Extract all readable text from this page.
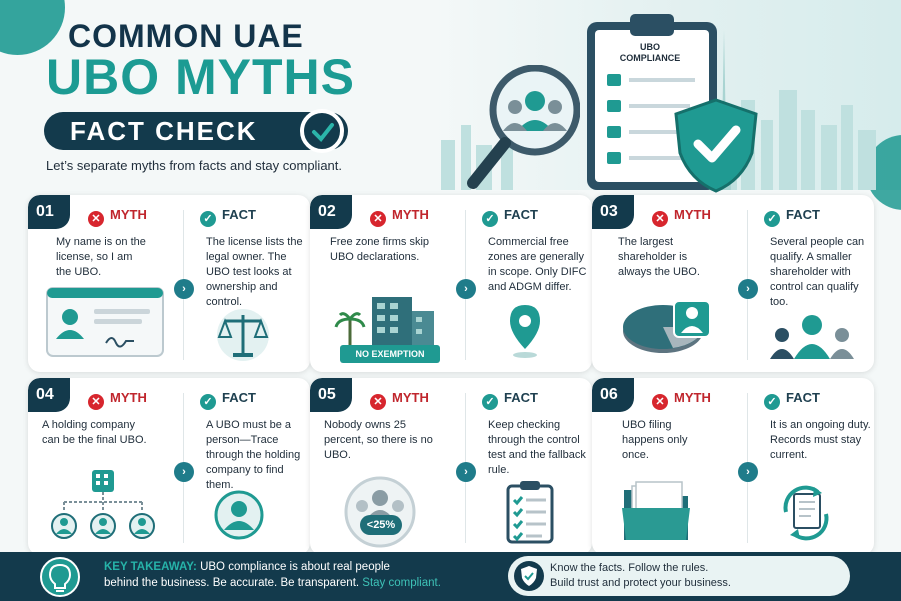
UBO
COMPLIANCE
COMMON UAE
UBO MYTHS
FACT CHECK
Let’s separate myths from facts and stay compliant.
01	✕ MYTH	✓ FACT
My name is on the license, so I am the UBO.
The license lists the legal owner. The UBO test looks at ownership and control.
›
02	✕ MYTH	✓ FACT
Free zone firms skip UBO declarations.
Commercial free zones are generally in scope. Only DIFC and ADGM differ.
›
NO EXEMPTION
03	✕ MYTH	✓ FACT
The largest shareholder is always the UBO.
Several people can qualify. A smaller shareholder with control can qualify too.
›
04	✕ MYTH	✓ FACT
A holding company can be the final UBO.
A UBO must be a person—Trace through the holding company to find them.
›
05	✕ MYTH	✓ FACT
Nobody owns 25 percent, so there is no UBO.
Keep checking through the control test and the fallback rule.
›
<25%
06	✕ MYTH	✓ FACT
UBO filing happens only once.
It is an ongoing duty. Records must stay current.
›
KEY TAKEAWAY: UBO compliance is about real people
behind the business. Be accurate. Be transparent. Stay compliant.
Know the facts. Follow the rules.
Build trust and protect your business.
